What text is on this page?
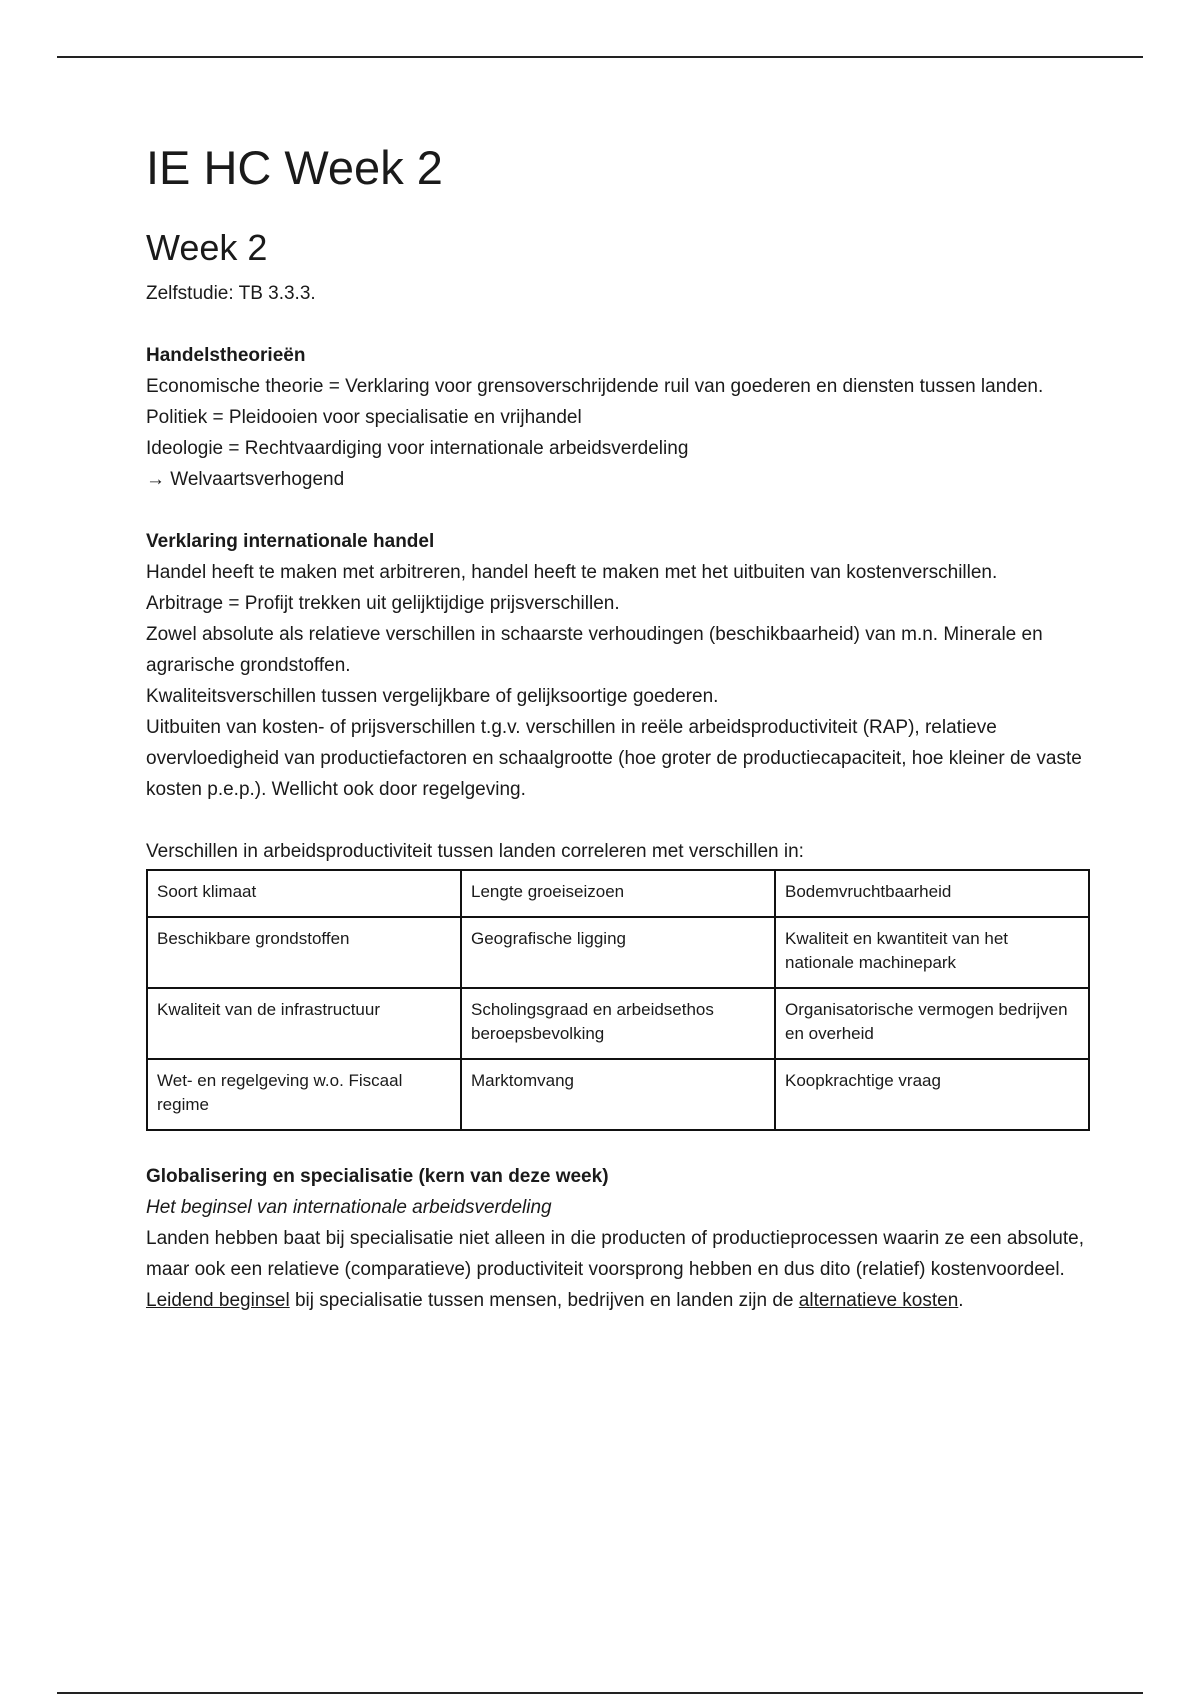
IE HC Week 2
Week 2

Zelfstudie: TB 3.3.3.

Handelstheorieën

Economische theorie = Verklaring voor grensoverschrijdende ruil van goederen en diensten tussen landen.

Politiek = Pleidooien voor specialisatie en vrijhandel

Ideologie = Rechtvaardiging voor internationale arbeidsverdeling

→ Welvaartsverhogend

Verklaring internationale handel

Handel heeft te maken met arbitreren, handel heeft te maken met het uitbuiten van kostenverschillen.

Arbitrage = Profijt trekken uit gelijktijdige prijsverschillen.

Zowel absolute als relatieve verschillen in schaarste verhoudingen (beschikbaarheid) van m.n. Minerale en agrarische grondstoffen.

Kwaliteitsverschillen tussen vergelijkbare of gelijksoortige goederen.

Uitbuiten van kosten- of prijsverschillen t.g.v. verschillen in reële arbeidsproductiviteit (RAP), relatieve overvloedigheid van productiefactoren en schaalgrootte (hoe groter de productiecapaciteit, hoe kleiner de vaste kosten p.e.p.). Wellicht ook door regelgeving.

Verschillen in arbeidsproductiviteit tussen landen correleren met verschillen in:

Soort klimaat	Lengte groeiseizoen	Bodemvruchtbaarheid
Beschikbare grondstoffen	Geografische ligging	Kwaliteit en kwantiteit van het nationale machinepark
Kwaliteit van de infrastructuur	Scholingsgraad en arbeidsethos beroepsbevolking	Organisatorische vermogen bedrijven en overheid
Wet- en regelgeving w.o. Fiscaal regime	Marktomvang	Koopkrachtige vraag

Globalisering en specialisatie (kern van deze week)

Het beginsel van internationale arbeidsverdeling

Landen hebben baat bij specialisatie niet alleen in die producten of productieprocessen waarin ze een absolute, maar ook een relatieve (comparatieve) productiviteit voorsprong hebben en dus dito (relatief) kostenvoordeel.

Leidend beginsel bij specialisatie tussen mensen, bedrijven en landen zijn de alternatieve kosten.
